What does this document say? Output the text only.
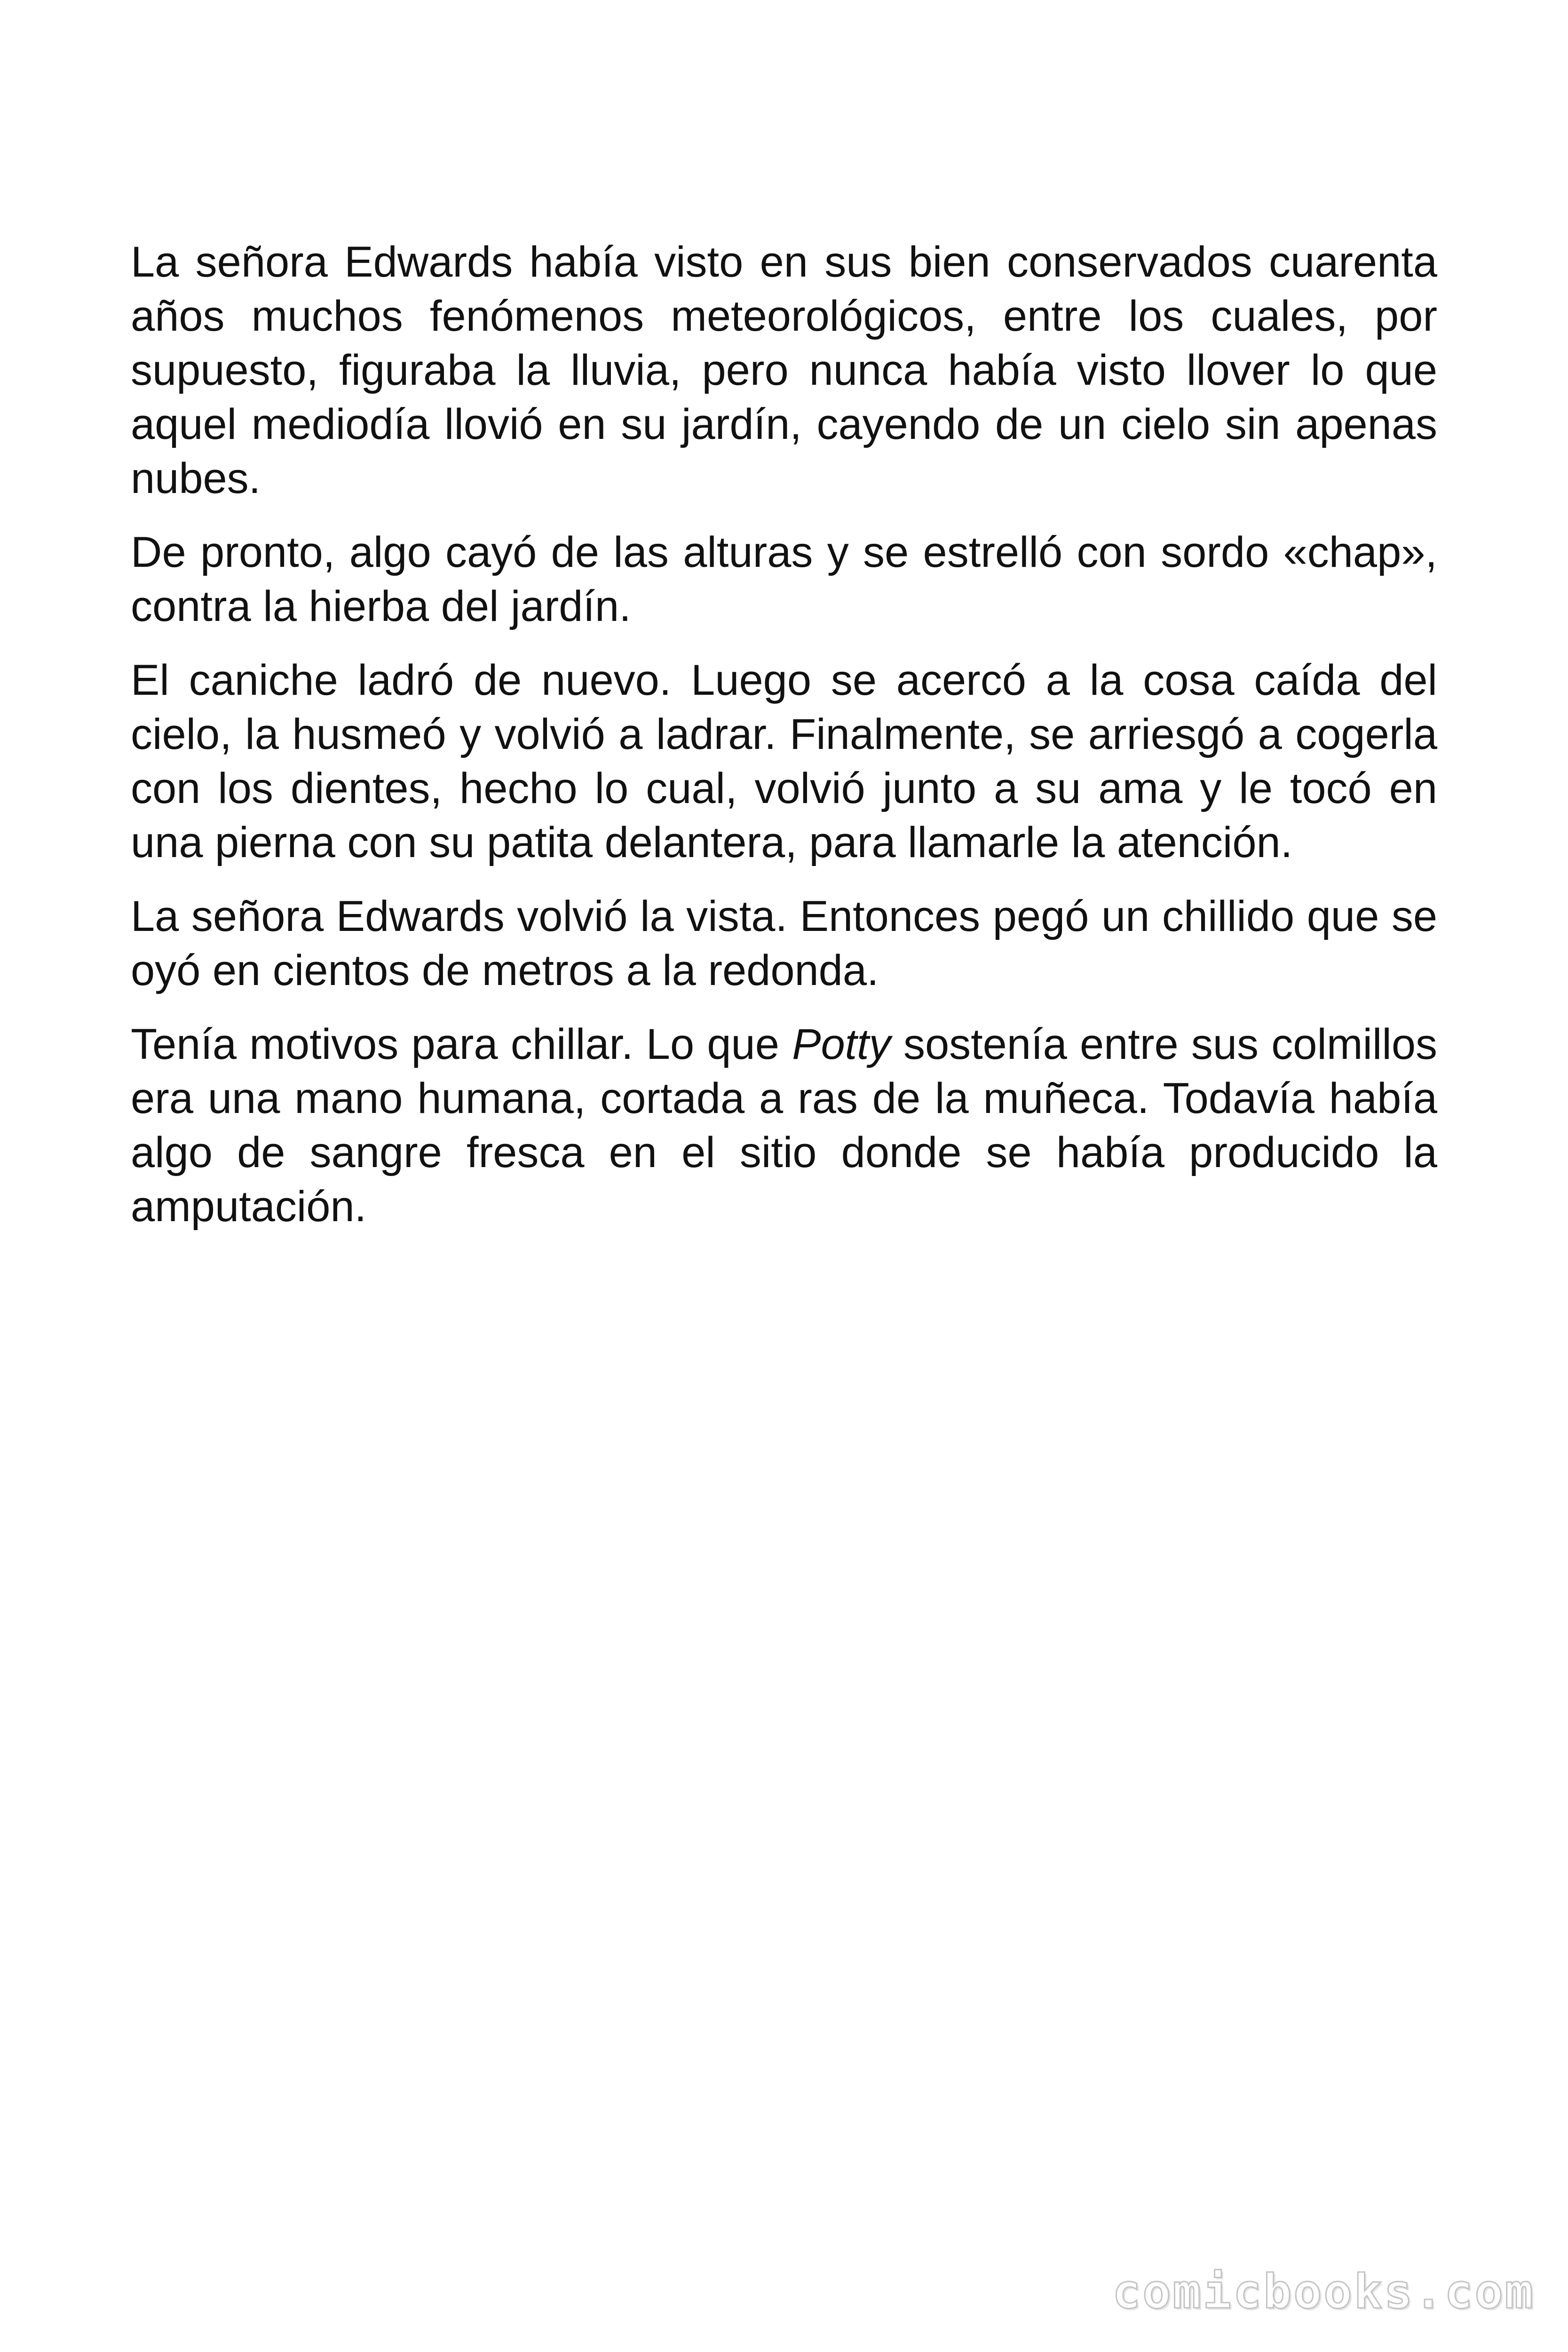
La señora Edwards había visto en sus bien conservados cuarenta años muchos fenómenos meteorológicos, entre los cuales, por supuesto, figuraba la lluvia, pero nunca había visto llover lo que aquel mediodía llovió en su jardín, cayendo de un cielo sin apenas nubes.

De pronto, algo cayó de las alturas y se estrelló con sordo «chap», contra la hierba del jardín.

El caniche ladró de nuevo. Luego se acercó a la cosa caída del cielo, la husmeó y volvió a ladrar. Finalmente, se arriesgó a cogerla con los dientes, hecho lo cual, volvió junto a su ama y le tocó en una pierna con su patita delantera, para llamarle la atención.

La señora Edwards volvió la vista. Entonces pegó un chillido que se oyó en cientos de metros a la redonda.

Tenía motivos para chillar. Lo que Potty sostenía entre sus colmillos era una mano humana, cortada a ras de la muñeca. Todavía había algo de sangre fresca en el sitio donde se había producido la amputación.

comicbooks.com
